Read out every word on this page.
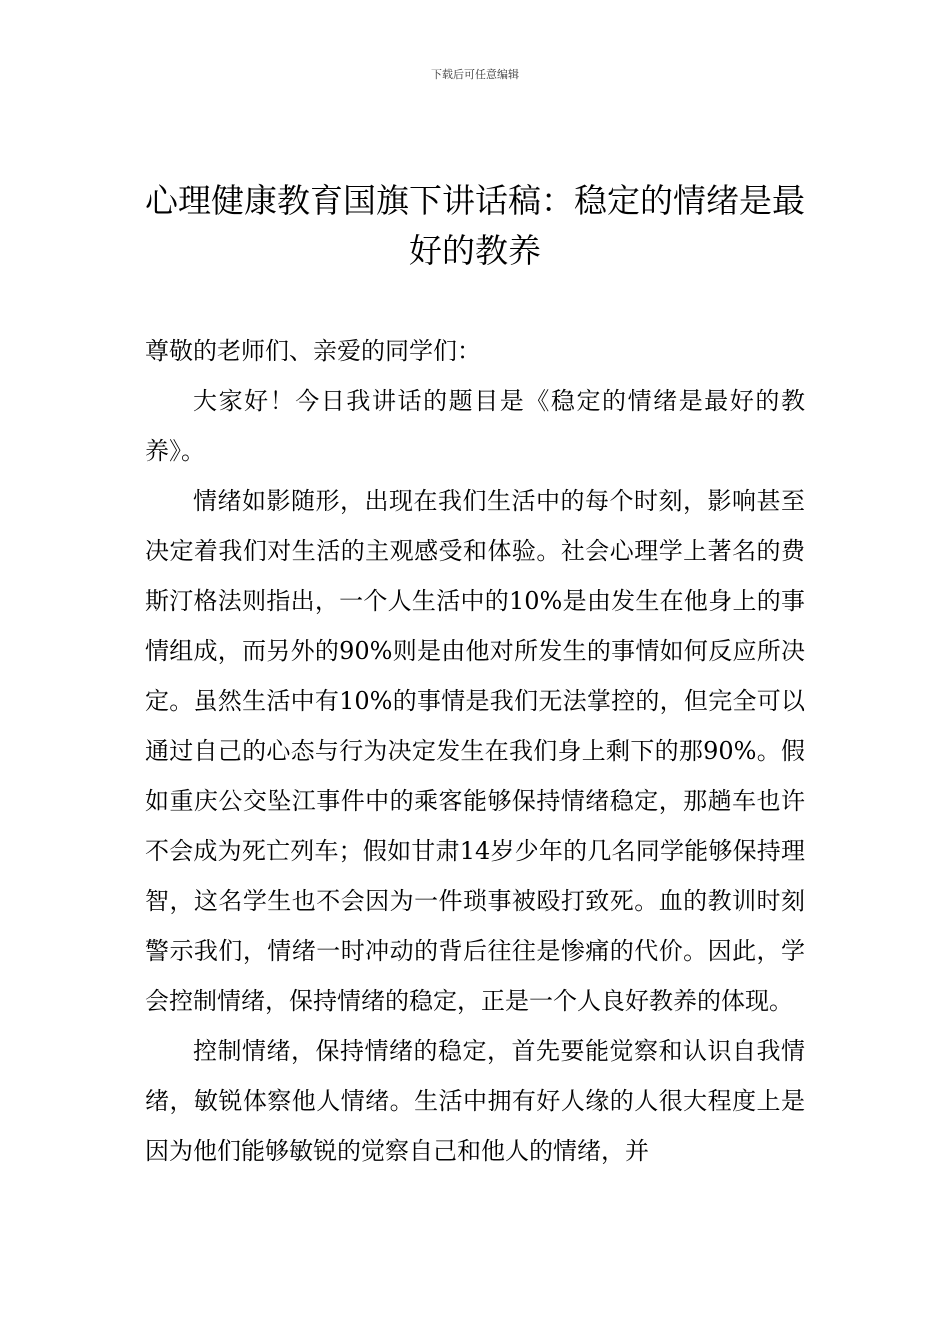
下载后可任意编辑
心理健康教育国旗下讲话稿：稳定的情绪是最好的教养

尊敬的老师们、亲爱的同学们：

大家好！今日我讲话的题目是《稳定的情绪是最好的教养》。

情绪如影随形，出现在我们生活中的每个时刻，影响甚至决定着我们对生活的主观感受和体验。社会心理学上著名的费斯汀格法则指出，一个人生活中的10%是由发生在他身上的事情组成，而另外的90%则是由他对所发生的事情如何反应所决定。虽然生活中有10%的事情是我们无法掌控的，但完全可以通过自己的心态与行为决定发生在我们身上剩下的那90%。假如重庆公交坠江事件中的乘客能够保持情绪稳定，那趟车也许不会成为死亡列车；假如甘肃14岁少年的几名同学能够保持理智，这名学生也不会因为一件琐事被殴打致死。血的教训时刻警示我们，情绪一时冲动的背后往往是惨痛的代价。因此，学会控制情绪，保持情绪的稳定，正是一个人良好教养的体现。

控制情绪，保持情绪的稳定，首先要能觉察和认识自我情绪，敏锐体察他人情绪。生活中拥有好人缘的人很大程度上是因为他们能够敏锐的觉察自己和他人的情绪，并
